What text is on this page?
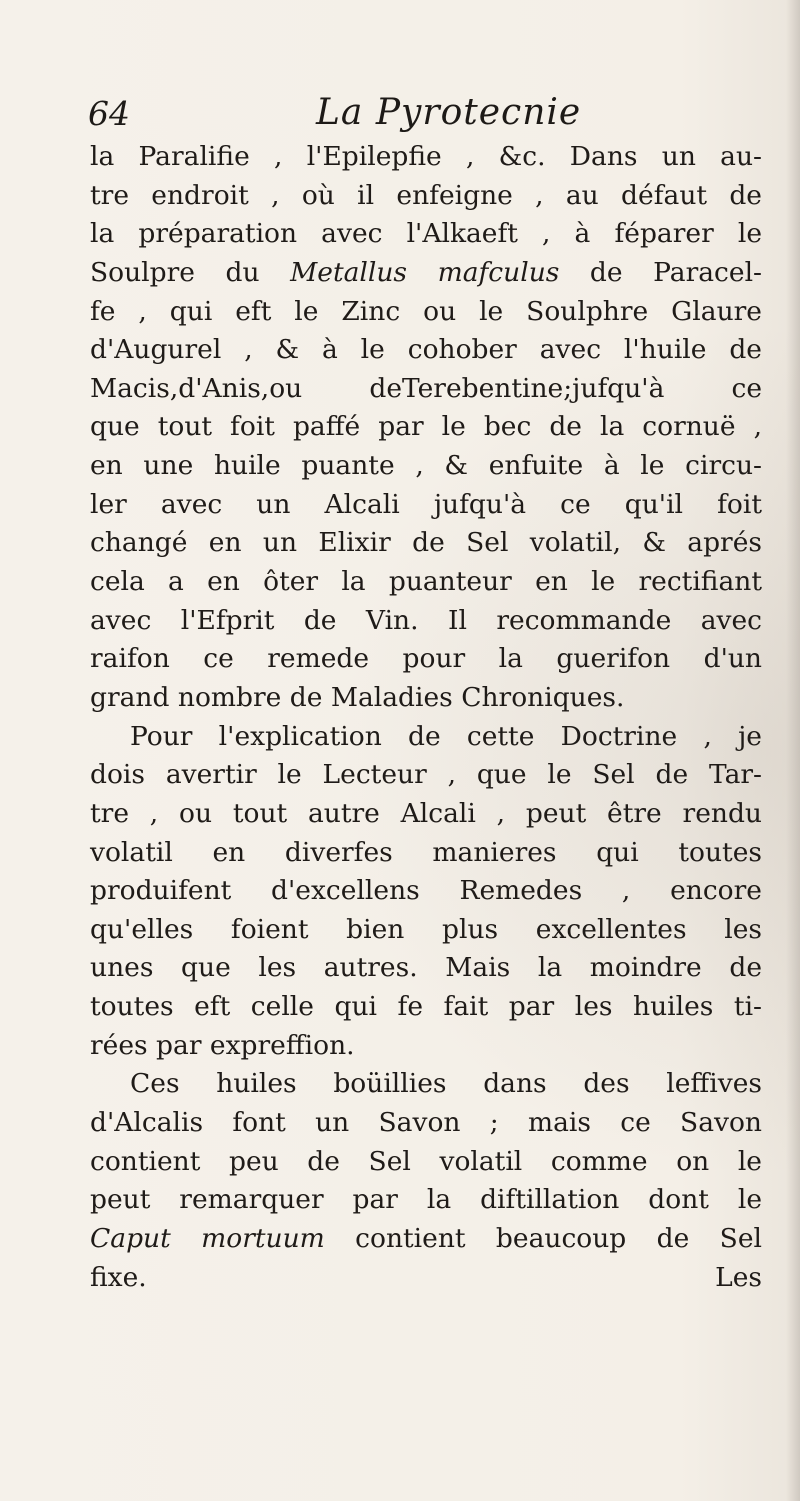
64	La Pyrotecnie
la Paralifie , l'Epilepfie , &c. Dans un au-
tre endroit , où il enfeigne , au défaut de
la préparation avec l'Alkaeft , à féparer le
Soulpre du Metallus mafculus de Paracel-
fe , qui eft le Zinc ou le Soulphre Glaure
d'Augurel , & à le cohober avec l'huile de
Macis,d'Anis,ou deTerebentine;jufqu'à ce
que tout foit paffé par le bec de la cornuë ,
en une huile puante , & enfuite à le circu-
ler avec un Alcali jufqu'à ce qu'il foit
changé en un Elixir de Sel volatil, & aprés
cela a en ôter la puanteur en le rectifiant
avec l'Efprit de Vin. Il recommande avec
raifon ce remede pour la guerifon d'un
grand nombre de Maladies Chroniques.
Pour l'explication de cette Doctrine , je
dois avertir le Lecteur , que le Sel de Tar-
tre , ou tout autre Alcali , peut être rendu
volatil en diverfes manieres qui toutes
produifent d'excellens Remedes , encore
qu'elles foient bien plus excellentes les
unes que les autres. Mais la moindre de
toutes eft celle qui fe fait par les huiles ti-
rées par expreffion.
Ces huiles boüillies dans des leffives
d'Alcalis font un Savon ; mais ce Savon
contient peu de Sel volatil comme on le
peut remarquer par la diftillation dont le
Caput mortuum contient beaucoup de Sel
fixe.	Les
